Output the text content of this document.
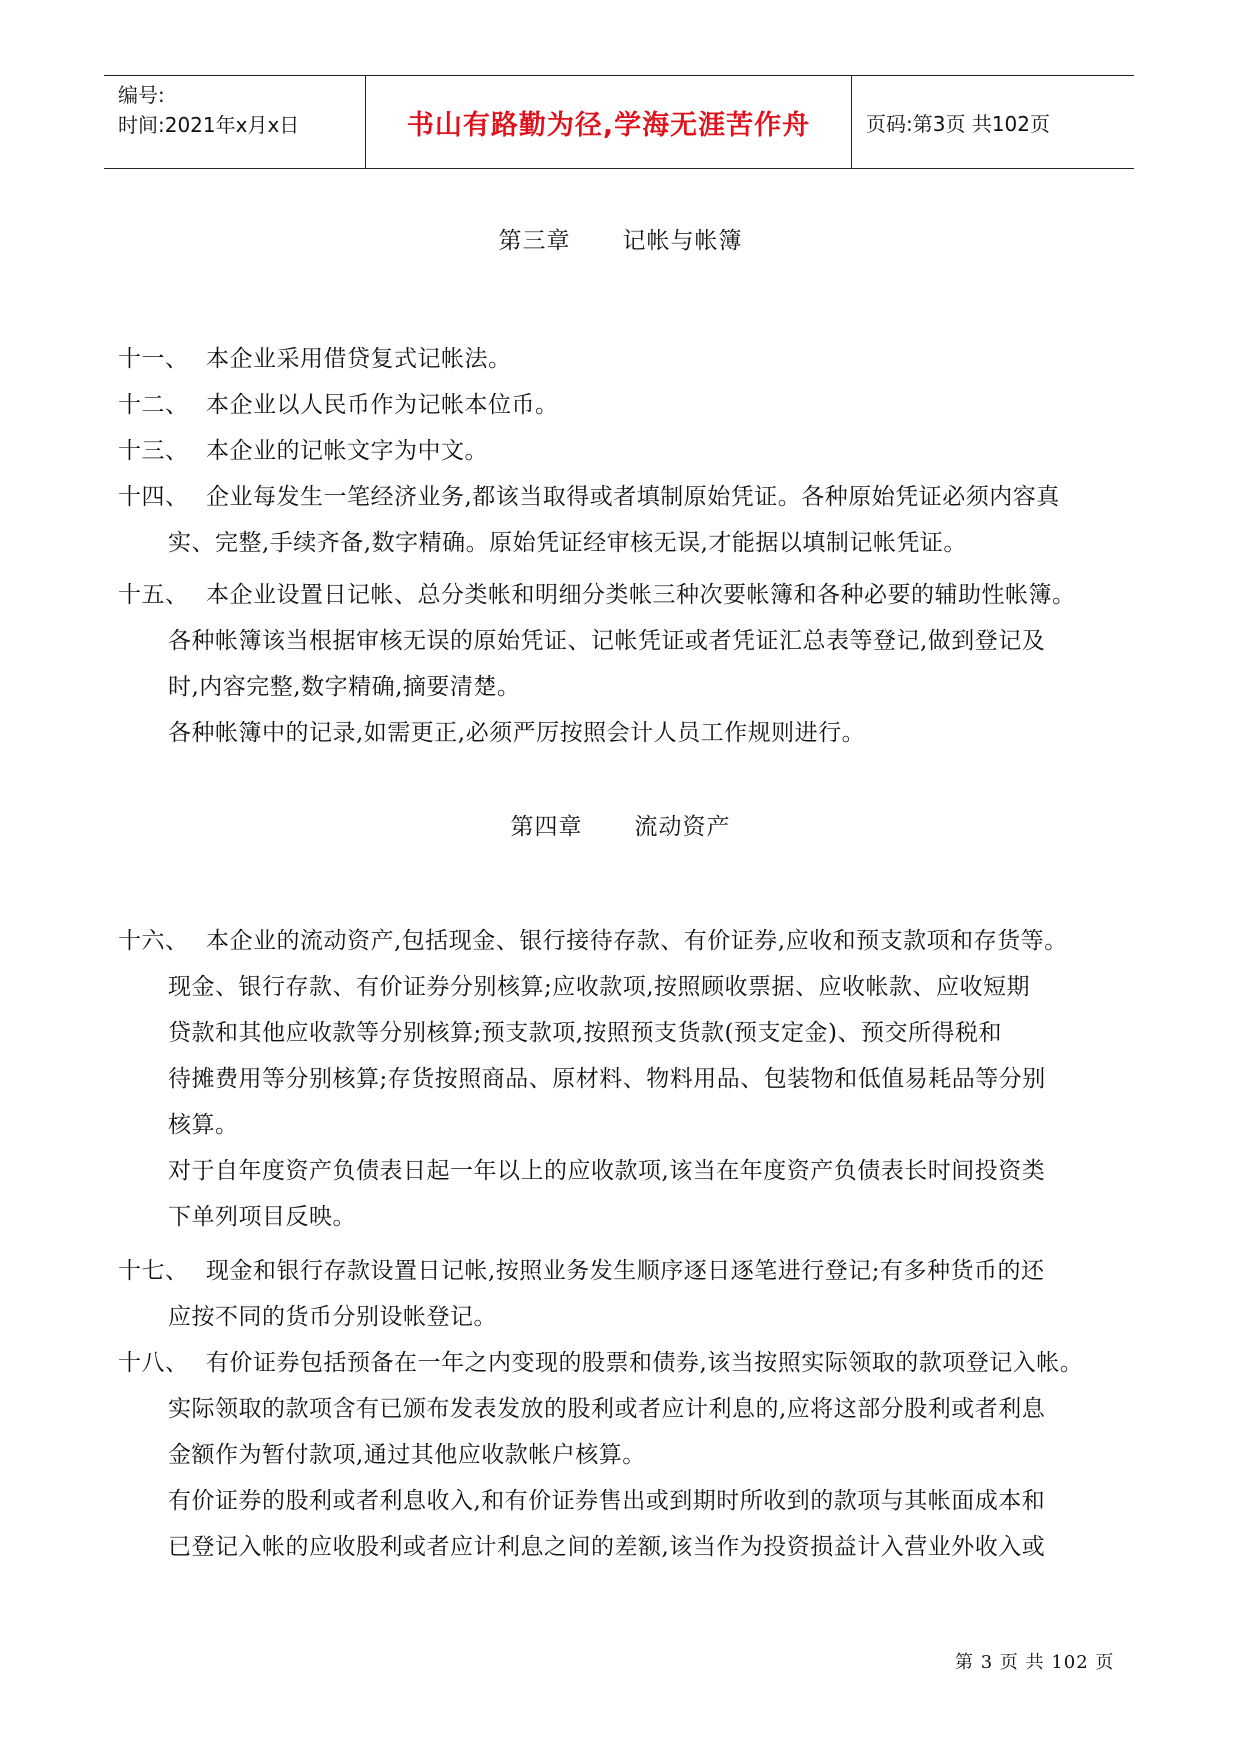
编号:
时间:2021年x月x日	书山有路勤为径,学海无涯苦作舟	页码:第3页 共102页
第三章 记帐与帐簿
十一、 本企业采用借贷复式记帐法。
十二、 本企业以人民币作为记帐本位币。
十三、 本企业的记帐文字为中文。
十四、 企业每发生一笔经济业务,都该当取得或者填制原始凭证。各种原始凭证必须内容真
实、完整,手续齐备,数字精确。原始凭证经审核无误,才能据以填制记帐凭证。
十五、 本企业设置日记帐、总分类帐和明细分类帐三种次要帐簿和各种必要的辅助性帐簿。
各种帐簿该当根据审核无误的原始凭证、记帐凭证或者凭证汇总表等登记,做到登记及
时,内容完整,数字精确,摘要清楚。
各种帐簿中的记录,如需更正,必须严厉按照会计人员工作规则进行。
第四章 流动资产
十六、 本企业的流动资产,包括现金、银行接待存款、有价证券,应收和预支款项和存货等。
现金、银行存款、有价证券分别核算;应收款项,按照顾收票据、应收帐款、应收短期
贷款和其他应收款等分别核算;预支款项,按照预支货款(预支定金)、预交所得税和
待摊费用等分别核算;存货按照商品、原材料、物料用品、包装物和低值易耗品等分别
核算。
对于自年度资产负债表日起一年以上的应收款项,该当在年度资产负债表长时间投资类
下单列项目反映。
十七、 现金和银行存款设置日记帐,按照业务发生顺序逐日逐笔进行登记;有多种货币的还
应按不同的货币分别设帐登记。
十八、 有价证券包括预备在一年之内变现的股票和债券,该当按照实际领取的款项登记入帐。
实际领取的款项含有已颁布发表发放的股利或者应计利息的,应将这部分股利或者利息
金额作为暂付款项,通过其他应收款帐户核算。
有价证券的股利或者利息收入,和有价证券售出或到期时所收到的款项与其帐面成本和
已登记入帐的应收股利或者应计利息之间的差额,该当作为投资损益计入营业外收入或
第 3 页 共 102 页
